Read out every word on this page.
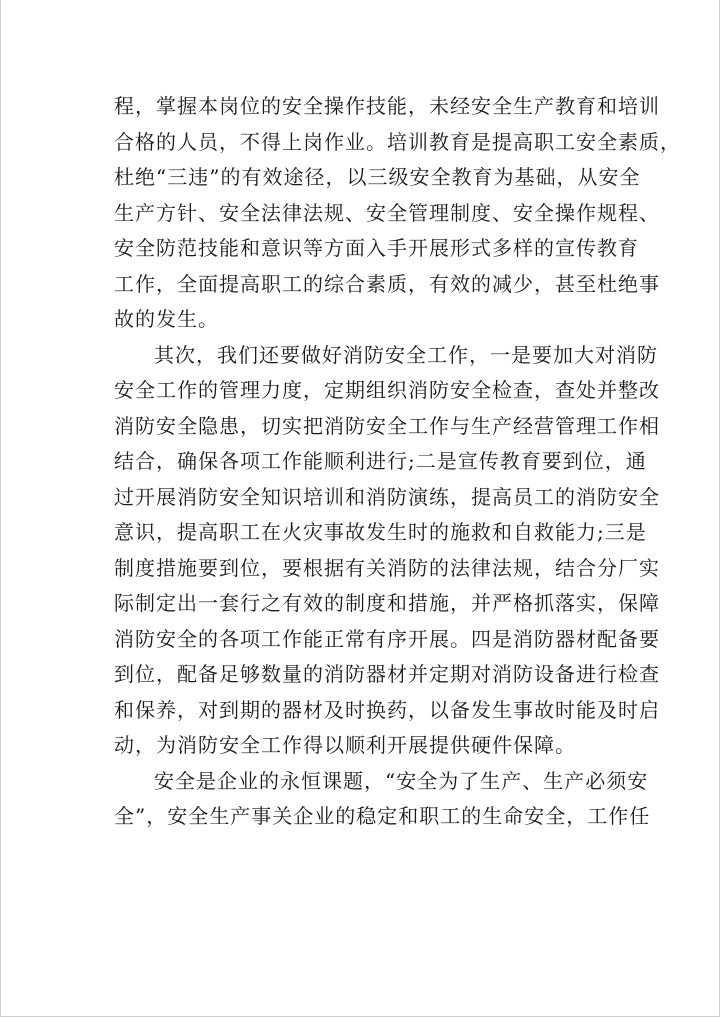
程，掌握本岗位的安全操作技能，未经安全生产教育和培训
合格的人员，不得上岗作业。培训教育是提高职工安全素质，
杜绝“三违”的有效途径，以三级安全教育为基础，从安全
生产方针、安全法律法规、安全管理制度、安全操作规程、
安全防范技能和意识等方面入手开展形式多样的宣传教育
工作，全面提高职工的综合素质，有效的减少，甚至杜绝事
故的发生。
其次，我们还要做好消防安全工作，一是要加大对消防
安全工作的管理力度，定期组织消防安全检查，查处并整改
消防安全隐患，切实把消防安全工作与生产经营管理工作相
结合，确保各项工作能顺利进行;二是宣传教育要到位，通
过开展消防安全知识培训和消防演练，提高员工的消防安全
意识，提高职工在火灾事故发生时的施救和自救能力;三是
制度措施要到位，要根据有关消防的法律法规，结合分厂实
际制定出一套行之有效的制度和措施，并严格抓落实，保障
消防安全的各项工作能正常有序开展。四是消防器材配备要
到位，配备足够数量的消防器材并定期对消防设备进行检查
和保养，对到期的器材及时换药，以备发生事故时能及时启
动，为消防安全工作得以顺利开展提供硬件保障。
安全是企业的永恒课题，“安全为了生产、生产必须安
全”，安全生产事关企业的稳定和职工的生命安全，工作任
